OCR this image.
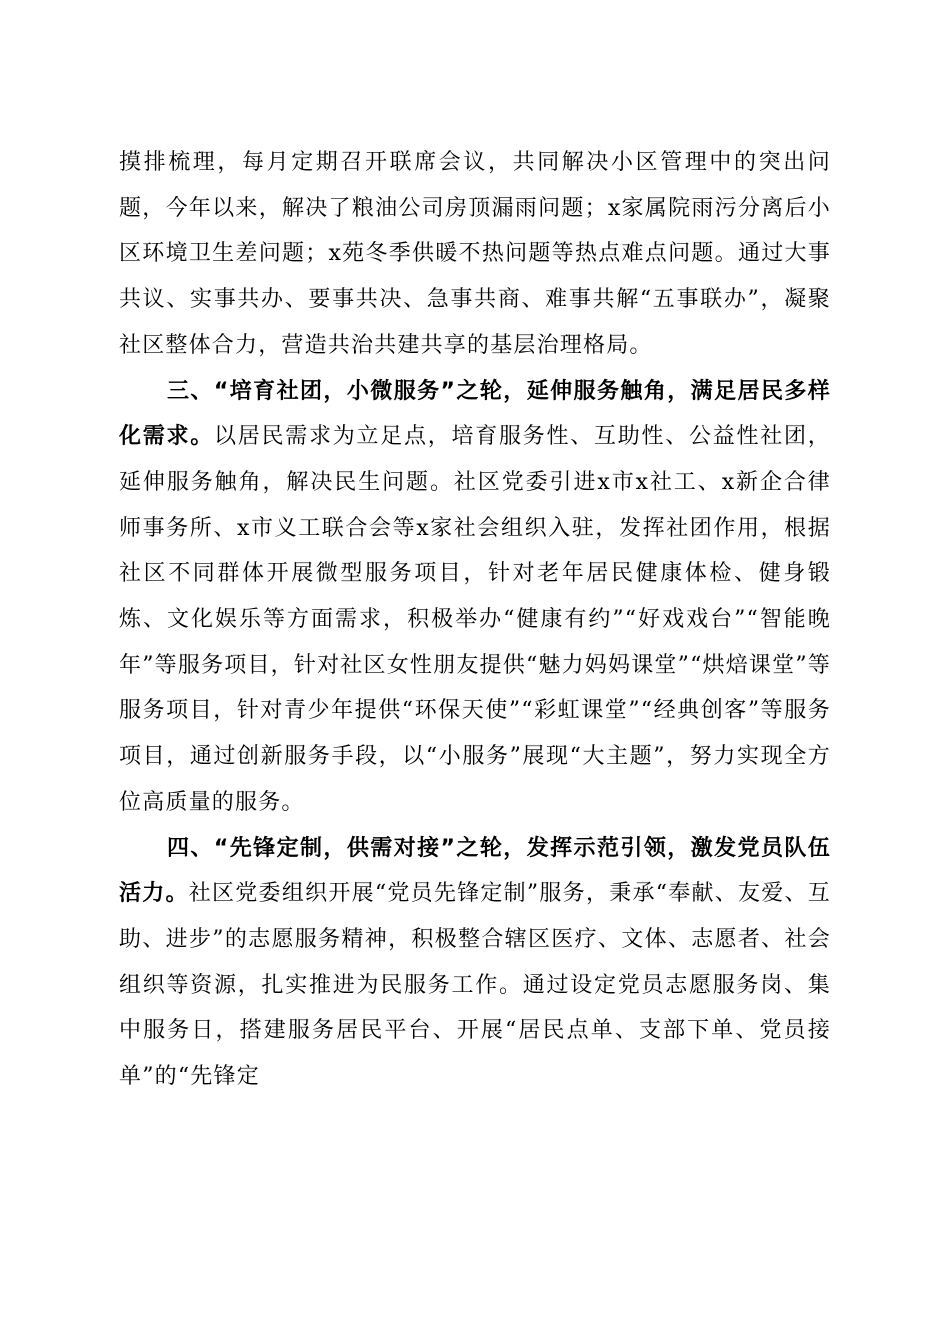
摸排梳理，每月定期召开联席会议，共同解决小区管理中的突出问题，今年以来，解决了粮油公司房顶漏雨问题；x家属院雨污分离后小区环境卫生差问题；x苑冬季供暖不热问题等热点难点问题。通过大事共议、实事共办、要事共决、急事共商、难事共解“五事联办”，凝聚社区整体合力，营造共治共建共享的基层治理格局。

三、“培育社团，小微服务”之轮，延伸服务触角，满足居民多样化需求。以居民需求为立足点，培育服务性、互助性、公益性社团，延伸服务触角，解决民生问题。社区党委引进x市x社工、x新企合律师事务所、x市义工联合会等x家社会组织入驻，发挥社团作用，根据社区不同群体开展微型服务项目，针对老年居民健康体检、健身锻炼、文化娱乐等方面需求，积极举办“健康有约”“好戏戏台”“智能晚年”等服务项目，针对社区女性朋友提供“魅力妈妈课堂”“烘焙课堂”等服务项目，针对青少年提供“环保天使”“彩虹课堂”“经典创客”等服务项目，通过创新服务手段，以“小服务”展现“大主题”，努力实现全方位高质量的服务。

四、“先锋定制，供需对接”之轮，发挥示范引领，激发党员队伍活力。社区党委组织开展“党员先锋定制”服务，秉承“奉献、友爱、互助、进步”的志愿服务精神，积极整合辖区医疗、文体、志愿者、社会组织等资源，扎实推进为民服务工作。通过设定党员志愿服务岗、集中服务日，搭建服务居民平台、开展“居民点单、支部下单、党员接单”的“先锋定
